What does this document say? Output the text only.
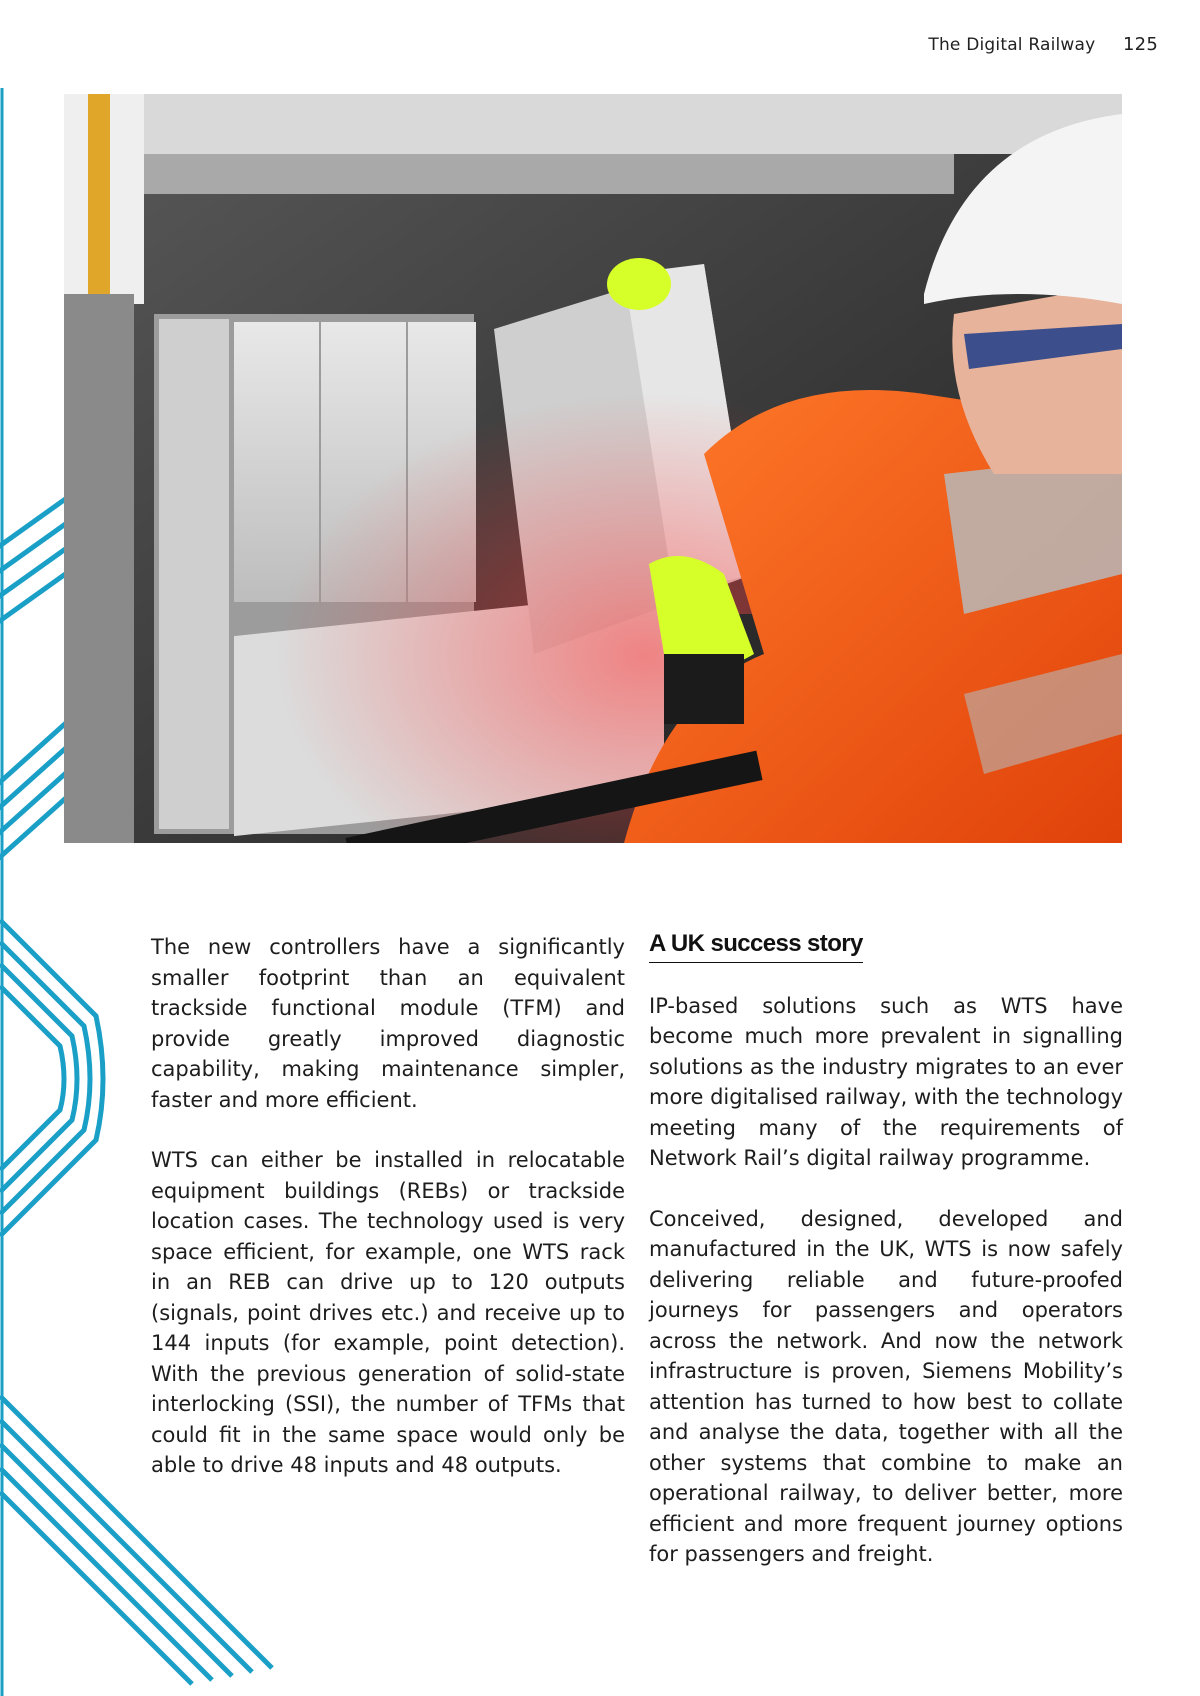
The Digital Railway 125

The new controllers have a significantly smaller footprint than an equivalent trackside functional module (TFM) and provide greatly improved diagnostic capability, making maintenance simpler, faster and more efficient.

WTS can either be installed in relocatable equipment buildings (REBs) or trackside location cases. The technology used is very space efficient, for example, one WTS rack in an REB can drive up to 120 outputs (signals, point drives etc.) and receive up to 144 inputs (for example, point detection). With the previous generation of solid-state interlocking (SSI), the number of TFMs that could fit in the same space would only be able to drive 48 inputs and 48 outputs.

A UK success story

IP-based solutions such as WTS have become much more prevalent in signalling solutions as the industry migrates to an ever more digitalised railway, with the technology meeting many of the requirements of Network Rail’s digital railway programme.

Conceived, designed, developed and manufactured in the UK, WTS is now safely delivering reliable and future-proofed journeys for passengers and operators across the network. And now the network infrastructure is proven, Siemens Mobility’s attention has turned to how best to collate and analyse the data, together with all the other systems that combine to make an operational railway, to deliver better, more efficient and more frequent journey options for passengers and freight.
